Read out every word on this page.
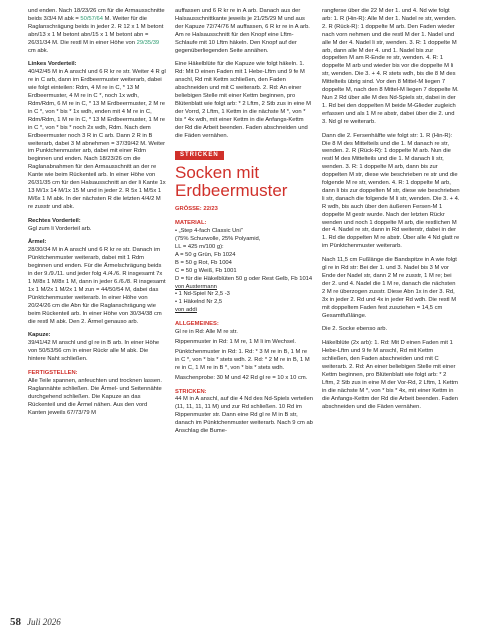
und enden. Nach 18/23/26 cm für die Armausschnitte beids 3/3/4 M abk = 50/57/64 M. Weiter für die Raglanschrägung beids in jeder 2. R 12 x 1 M betont abn/13 x 1 M betont abn/15 x 1 M betont abn = 26/31/34 M. Die restl M in einer Höhe von 29/35/39 cm abk.

Linkes Vorderteil:

40/42/45 M in A anschl und 6 R kr re str. Weiter 4 R gl re in C arb, dann im Erdbeermuster weiterarb, dabei wie folgt einteilen: Rdm, 4 M re in C, * 13 M Erdbeermuster, 4 M re in C *, noch 1x wdh, Rdm/Rdm, 6 M re in C, * 13 M Erdbeermuster, 2 M re in C *, von * bis * 1x wdh, enden mit 4 M re in C, Rdm/Rdm, 1 M re in C, * 13 M Erdbeermuster, 1 M re in C *, von * bis * noch 2x wdh, Rdm. Nach dem Erdbeermuster noch 3 R in C arb. Dann 2 R in B weiterarb, dabei 3 M abnehmen = 37/39/42 M. Weiter im Punktchenmuster arb, dabei mit einer Rdm beginnen und enden. Nach 18/23/26 cm die Raglanabnahmen für den Armausschnitt an der re Kante wie beim Rückenteil arb. In einer Höhe von 26/31/35 cm für den Halsausschnitt an der li Kante 1x 13 M/1x 14 M/1x 15 M und in jeder 2. R 5x 1 M/5x 1 M/6x 1 M abk. In der nächsten R die letzten 4/4/2 M re zusstr und abk.

Rechtes Vorderteil:

Ggl zum li Vorderteil arb.

Ärmel:

28/30/34 M in A anschl und 6 R kr re str. Danach im Pünktchenmuster weiterarb, dabei mit 1 Rdm beginnen und enden. Für die Ärmelschrägung beids in der 9./9./11. und jeder folg 4./4./6. R insgesamt 7x 1 M/8x 1 M/8x 1 M, dann in jeder 6./6./8. R insgesamt 1x 1 M/2x 1 M/2x 1 M zun = 44/50/54 M, dabei das Pünktchenmuster weiterarb. In einer Höhe von 20/24/26 cm die Abn für die Raglanschrägung wie beim Rückenteil arb. In einer Höhe von 30/34/38 cm die restl M abk. Den 2. Ärmel genauso arb.

Kapuze:

39/41/42 M anschl und gl re in B arb. In einer Höhe von 50/53/56 cm in einer Rückr alle M abk. Die hintere Naht schließen.

FERTIGSTELLEN:

Alle Teile spannen, anfeuchten und trocknen lassen. Raglannähte schließen. Die Ärmel- und Seitennähte durchgehend schließen. Die Kapuze an das Rückenteil und die Ärmel nähen. Aus den vord Kanten jeweils 67/73/79 M

auffassen und 6 R kr re in A arb. Danach aus der Halsausschnittkante jeweils je 21/25/29 M und aus der Kapuze 72/74/76 M auffassen, 6 R kr re in A arb. Am re Halsausschnitt für den Knopf eine Lftm-Schlaufe mit 10 Lftm häkeln. Den Knopf auf der gegenüberliegenden Seite annähen.

Eine Häkelblüte für die Kapuze wie folgt häkeln. 1. Rd: Mit D einen Faden mit 1 Hebe-Lftm und 9 fe M anschl, Rd mit Kettm schließen, den Faden abschneiden und mit C weiterarb. 2. Rd: An einer beliebigen Stelle mit einer Kettm beginnen, pro Blütenblatt wie folgt arb: * 2 Lftm, 2 Stb zus in eine M der Vorrd, 2 Lftm, 1 Kettm in die nächste M *, von * bis * 4x wdh, mit einer Kettm in die Anfangs-Kettm der Rd die Arbeit beenden. Faden abschneiden und die Fäden vernähen.

STRICKEN
Socken mit
Erdbeermuster

GRÖSSE: 22/23

MATERIAL:
• „Step 4-fach Classic Uni“
(75% Schurwolle, 25% Polyamid,
LL = 425 m/100 g):
A = 50 g Grün, Fb 1024
B = 50 g Rot, Fb 1004
C = 50 g Weiß, Fb 1001
D = für die Häkelblüten 50 g oder Rest Gelb, Fb 1014
von Austermann
• 1 Nd-Spiel Nr 2,5 -3
• 1 Häkelnd Nr 2,5
von addi
ALLGEMEINES:

Gl re in Rd: Alle M re str.

Rippenmuster in Rd: 1 M re, 1 M li im Wechsel.

Pünktchenmuster in Rd: 1. Rd: * 3 M re in B, 1 M re in C *, von * bis * stets wdh. 2. Rd: * 2 M re in B, 1 M re in C, 1 M re in B *, von * bis * stets wdh.

Maschenprobe: 30 M und 42 Rd gl re = 10 x 10 cm.

STRICKEN:

44 M in A anschl, auf die 4 Nd des Nd-Spiels verteilen (11, 11, 11, 11 M) und zur Rd schließen. 10 Rd im Rippenmuster str. Dann eine Rd gl re M in B str, danach im Pünktchenmuster weiterarb. Nach 9 cm ab Anschlag die Bume-

rangferse über die 22 M der 1. und 4. Nd wie folgt arb: 1. R (Hin-R): Alle M der 1. Nadel re str, wenden. 2. R (Rück-R): 1 doppelte M arb. Den Faden wieder nach vorn nehmen und die restl M der 1. Nadel und alle M der 4. Nadel li str, wenden. 3. R: 1 doppelte M arb, dann alle M der 4. und 1. Nadel bis zur doppelten M am R-Ende re str, wenden. 4. R: 1 doppelte M arb und wieder bis vor die doppelte M li str, wenden. Die 3. + 4. R stets wdh, bis die 8 M des Mittelteils übrig sind. Vor den 8 Mittel-M liegen 7 doppelte M, nach den 8 Mittel-M liegen 7 doppelte M. Nun 2 Rd über alle M des Nd-Spiels str, dabei in der 1. Rd bei den doppelten M beide M-Glieder zugleich erfassen und als 1 M re abstr, dabei über die 2. und 3. Nd gl re weiterarb.

Dann die 2. Fersenhälfte wie folgt str: 1. R (Hin-R): Die 8 M des Mittelteils und die 1. M danach re str, wenden. 2. R (Rück-R): 1 doppelte M arb. Nun die restl M des Mittelteils und die 1. M danach li str, wenden. 3. R: 1 doppelte M arb, dann bis zur doppelten M str, diese wie beschrieben re str und die folgende M re str, wenden. 4. R: 1 doppelte M arb, dann li bis zur doppelten M str, diese wie beschrieben li str, danach die folgende M li str, wenden. Die 3. + 4. R wdh, bis auch über den äußeren Fersen-M 1 doppelte M gestr wurde. Nach der letzten Rückr wenden und noch 1 doppelte M arb, die restlichen M der 4. Nadel re str, dann in Rd weiterstr, dabei in der 1. Rd die doppelten M re abstr. Über alle 4 Nd glatt re im Pünktchenmuster weiterarb.

Nach 11,5 cm Fußlänge die Bandspitze in A wie folgt gl re in Rd str: Bei der 1. und 3. Nadel bis 3 M vor Ende der Nadel str, dann 2 M re zusstr, 1 M re; bei der 2. und 4. Nadel die 1 M re, danach die nächsten 2 M re überzogen zusstr. Diese Abn 1x in der 3. Rd, 3x in jeder 2. Rd und 4x in jeder Rd wdh. Die restl M mit doppeltem Faden fest zusziehen = 14,5 cm Gesamtfußlänge.

Die 2. Socke ebenso arb.

Häkelblüte (2x arb): 1. Rd: Mit D einen Faden mit 1 Hebe-Lftm und 9 fe M anschl, Rd mit Kettm schließen, den Faden abschneiden und mit C weiterarb. 2. Rd: An einer beliebigen Stelle mit einer Kettm beginnen, pro Blütenblatt wie folgt arb: * 2 Lftm, 2 Stb zus in eine M der Vor-Rd, 2 Lftm, 1 Kettm in die nächste M *, von * bis * 4x, mit einer Kettm in die Anfangs-Kettm der Rd die Arbeit beenden. Faden abschneiden und die Fäden vernähen.

58 Juli 2026
